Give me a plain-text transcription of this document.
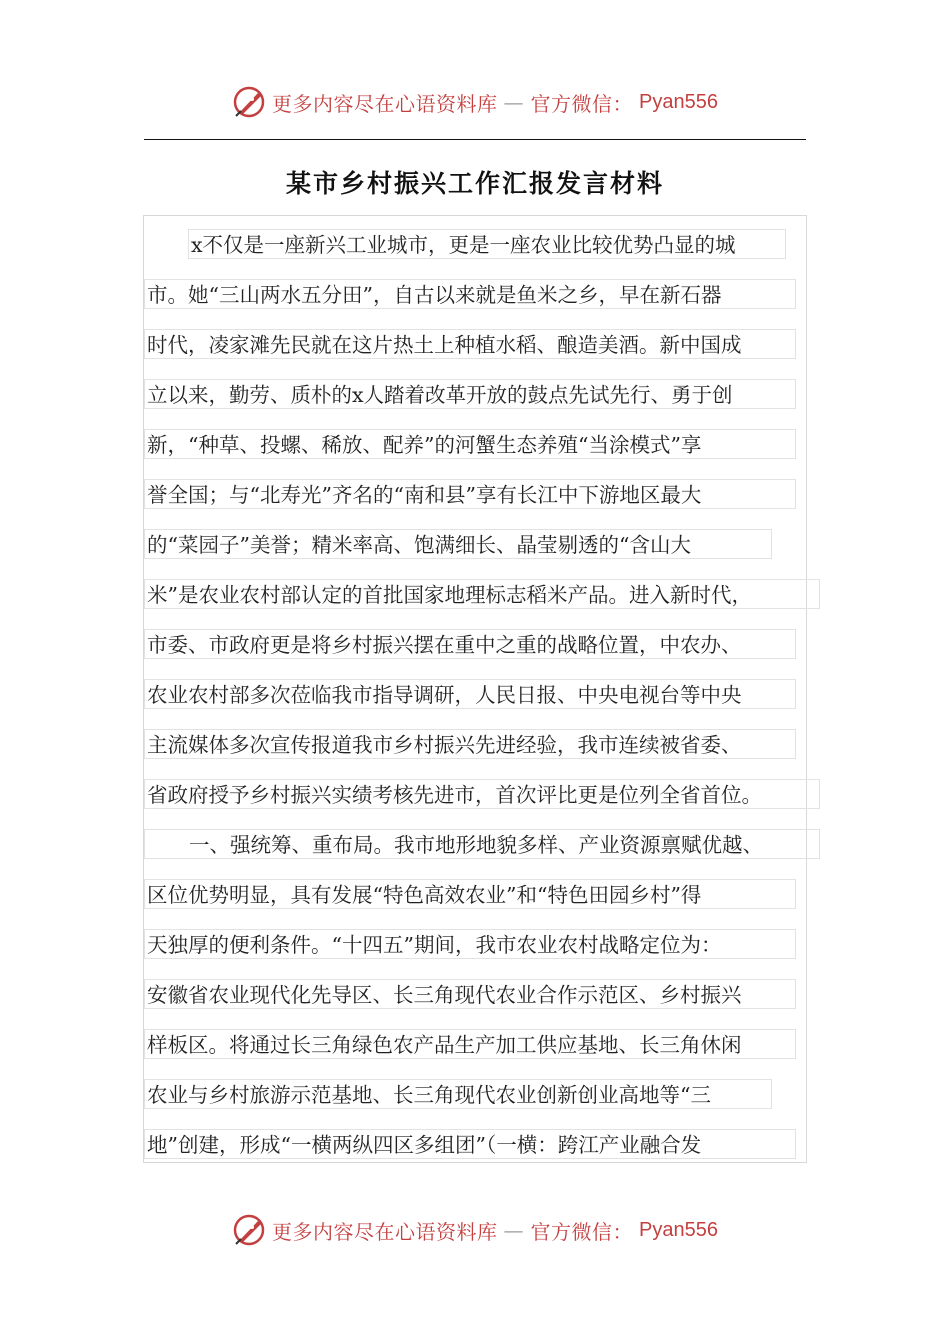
更多内容尽在心语资料库 — 官方微信： Pyan556
某市乡村振兴工作汇报发言材料
x不仅是一座新兴工业城市，更是一座农业比较优势凸显的城
市。她“三山两水五分田”，自古以来就是鱼米之乡，早在新石器
时代，凌家滩先民就在这片热土上种植水稻、酿造美酒。新中国成
立以来，勤劳、质朴的x人踏着改革开放的鼓点先试先行、勇于创
新，“种草、投螺、稀放、配养”的河蟹生态养殖“当涂模式”享
誉全国；与“北寿光”齐名的“南和县”享有长江中下游地区最大
的“菜园子”美誉；精米率高、饱满细长、晶莹剔透的“含山大
米”是农业农村部认定的首批国家地理标志稻米产品。进入新时代，
市委、市政府更是将乡村振兴摆在重中之重的战略位置，中农办、
农业农村部多次莅临我市指导调研，人民日报、中央电视台等中央
主流媒体多次宣传报道我市乡村振兴先进经验，我市连续被省委、
省政府授予乡村振兴实绩考核先进市，首次评比更是位列全省首位。
一、强统筹、重布局。我市地形地貌多样、产业资源禀赋优越、
区位优势明显，具有发展“特色高效农业”和“特色田园乡村”得
天独厚的便利条件。“十四五”期间，我市农业农村战略定位为：
安徽省农业现代化先导区、长三角现代农业合作示范区、乡村振兴
样板区。将通过长三角绿色农产品生产加工供应基地、长三角休闲
农业与乡村旅游示范基地、长三角现代农业创新创业高地等“三
地”创建，形成“一横两纵四区多组团”（一横：跨江产业融合发
更多内容尽在心语资料库 — 官方微信： Pyan556
